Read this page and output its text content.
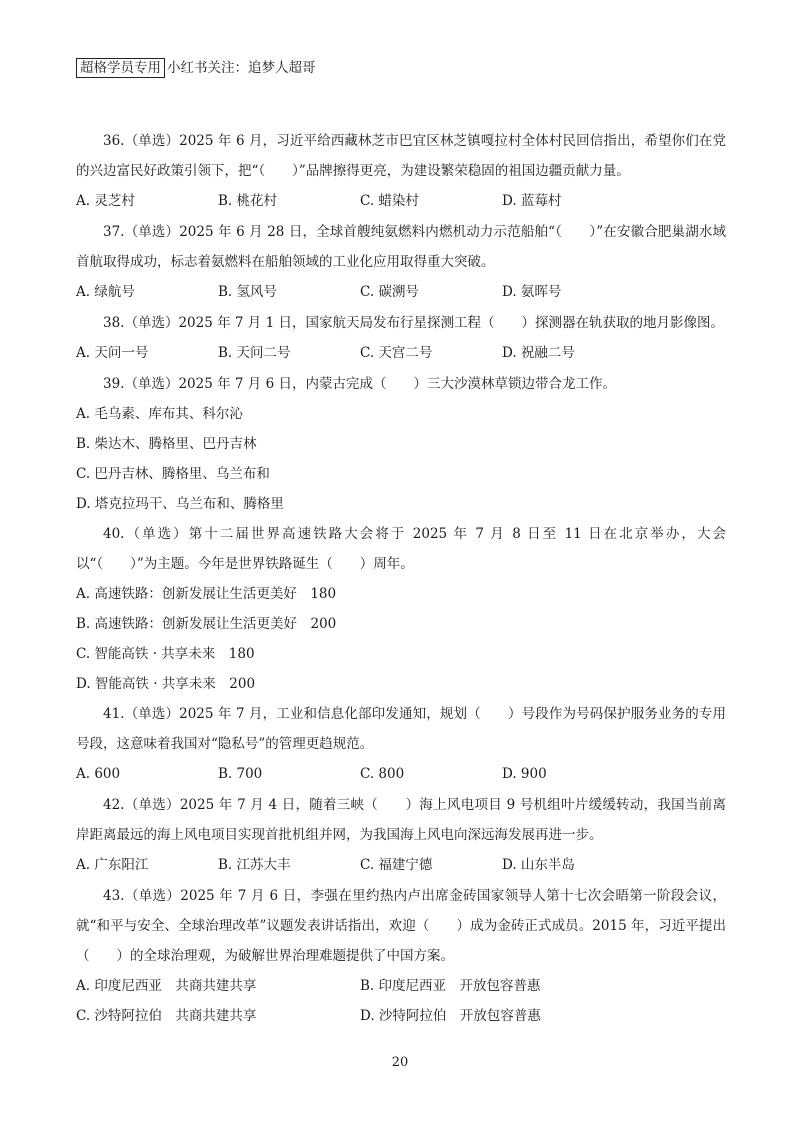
超格学员专用 小红书关注：追梦人超哥

36.（单选）2025 年 6 月，习近平给西藏林芝市巴宜区林芝镇嘎拉村全体村民回信指出，希望你们在党的兴边富民好政策引领下，把“（　　）”品牌擦得更亮，为建设繁荣稳固的祖国边疆贡献力量。

A. 灵芝村	B. 桃花村	C. 蜡染村	D. 蓝莓村

37.（单选）2025 年 6 月 28 日，全球首艘纯氨燃料内燃机动力示范船舶“（　　）”在安徽合肥巢湖水域首航取得成功，标志着氨燃料在船舶领域的工业化应用取得重大突破。

A. 绿航号	B. 氢风号	C. 碳溯号	D. 氨晖号

38.（单选）2025 年 7 月 1 日，国家航天局发布行星探测工程（　　）探测器在轨获取的地月影像图。

A. 天问一号	B. 天问二号	C. 天宫二号	D. 祝融二号

39.（单选）2025 年 7 月 6 日，内蒙古完成（　　）三大沙漠林草锁边带合龙工作。

A. 毛乌素、库布其、科尔沁
B. 柴达木、腾格里、巴丹吉林
C. 巴丹吉林、腾格里、乌兰布和
D. 塔克拉玛干、乌兰布和、腾格里

40.（单选）第十二届世界高速铁路大会将于 2025 年 7 月 8 日至 11 日在北京举办，大会以“（　　）”为主题。今年是世界铁路诞生（　　）周年。

A. 高速铁路：创新发展让生活更美好　180
B. 高速铁路：创新发展让生活更美好　200
C. 智能高铁 · 共享未来　180
D. 智能高铁 · 共享未来　200

41.（单选）2025 年 7 月，工业和信息化部印发通知，规划（　　）号段作为号码保护服务业务的专用号段，这意味着我国对“隐私号”的管理更趋规范。

A. 600	B. 700	C. 800	D. 900

42.（单选）2025 年 7 月 4 日，随着三峡（　　）海上风电项目 9 号机组叶片缓缓转动，我国当前离岸距离最远的海上风电项目实现首批机组并网，为我国海上风电向深远海发展再进一步。

A. 广东阳江	B. 江苏大丰	C. 福建宁德	D. 山东半岛

43.（单选）2025 年 7 月 6 日，李强在里约热内卢出席金砖国家领导人第十七次会晤第一阶段会议，就“和平与安全、全球治理改革”议题发表讲话指出，欢迎（　　）成为金砖正式成员。2015 年，习近平提出（　　）的全球治理观，为破解世界治理难题提供了中国方案。

A. 印度尼西亚　共商共建共享	B. 印度尼西亚　开放包容普惠
C. 沙特阿拉伯　共商共建共享	D. 沙特阿拉伯　开放包容普惠
20
